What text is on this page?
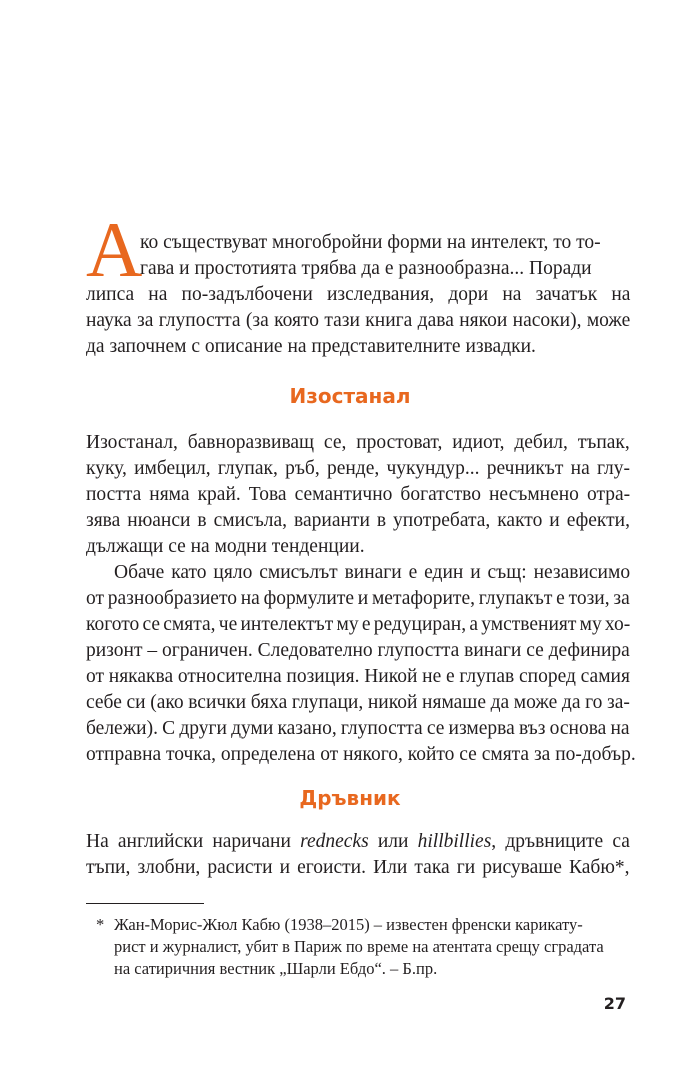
А
ко съществуват многобройни форми на интелект, то то-
гава и простотията трябва да е разнообразна... Поради
липса на по-задълбочени изследвания, дори на зачатък на
наука за глупостта (за която тази книга дава някои насоки), може
да започнем с описание на представителните извадки.
Изостанал
Изостанал, бавноразвиващ се, простоват, идиот, дебил, тъпак,
куку, имбецил, глупак, ръб, ренде, чукундур... речникът на глу-
постта няма край. Това семантично богатство несъмнено отра-
зява нюанси в смисъла, варианти в употребата, както и ефекти,
дължащи се на модни тенденции.
Обаче като цяло смисълът винаги е един и същ: независимо
от разнообразието на формулите и метафорите, глупакът е този, за
когото се смята, че интелектът му е редуциран, а умственият му хо-
ризонт – ограничен. Следователно глупостта винаги се дефинира
от някаква относителна позиция. Никой не е глупав според самия
себе си (ако всички бяха глупаци, никой нямаше да може да го за-
бележи). С други думи казано, глупостта се измерва въз основа на
отправна точка, определена от някого, който се смята за по-добър.
Дръвник
На английски наричани rednecks или hillbillies, дръвниците са
тъпи, злобни, расисти и егоисти. Или така ги рисуваше Кабю*,
* Жан-Морис-Жюл Кабю (1938–2015) – известен френски карикату-
рист и журналист, убит в Париж по време на атентата срещу сградата
на сатиричния вестник „Шарли Ебдо“. – Б.пр.
27
